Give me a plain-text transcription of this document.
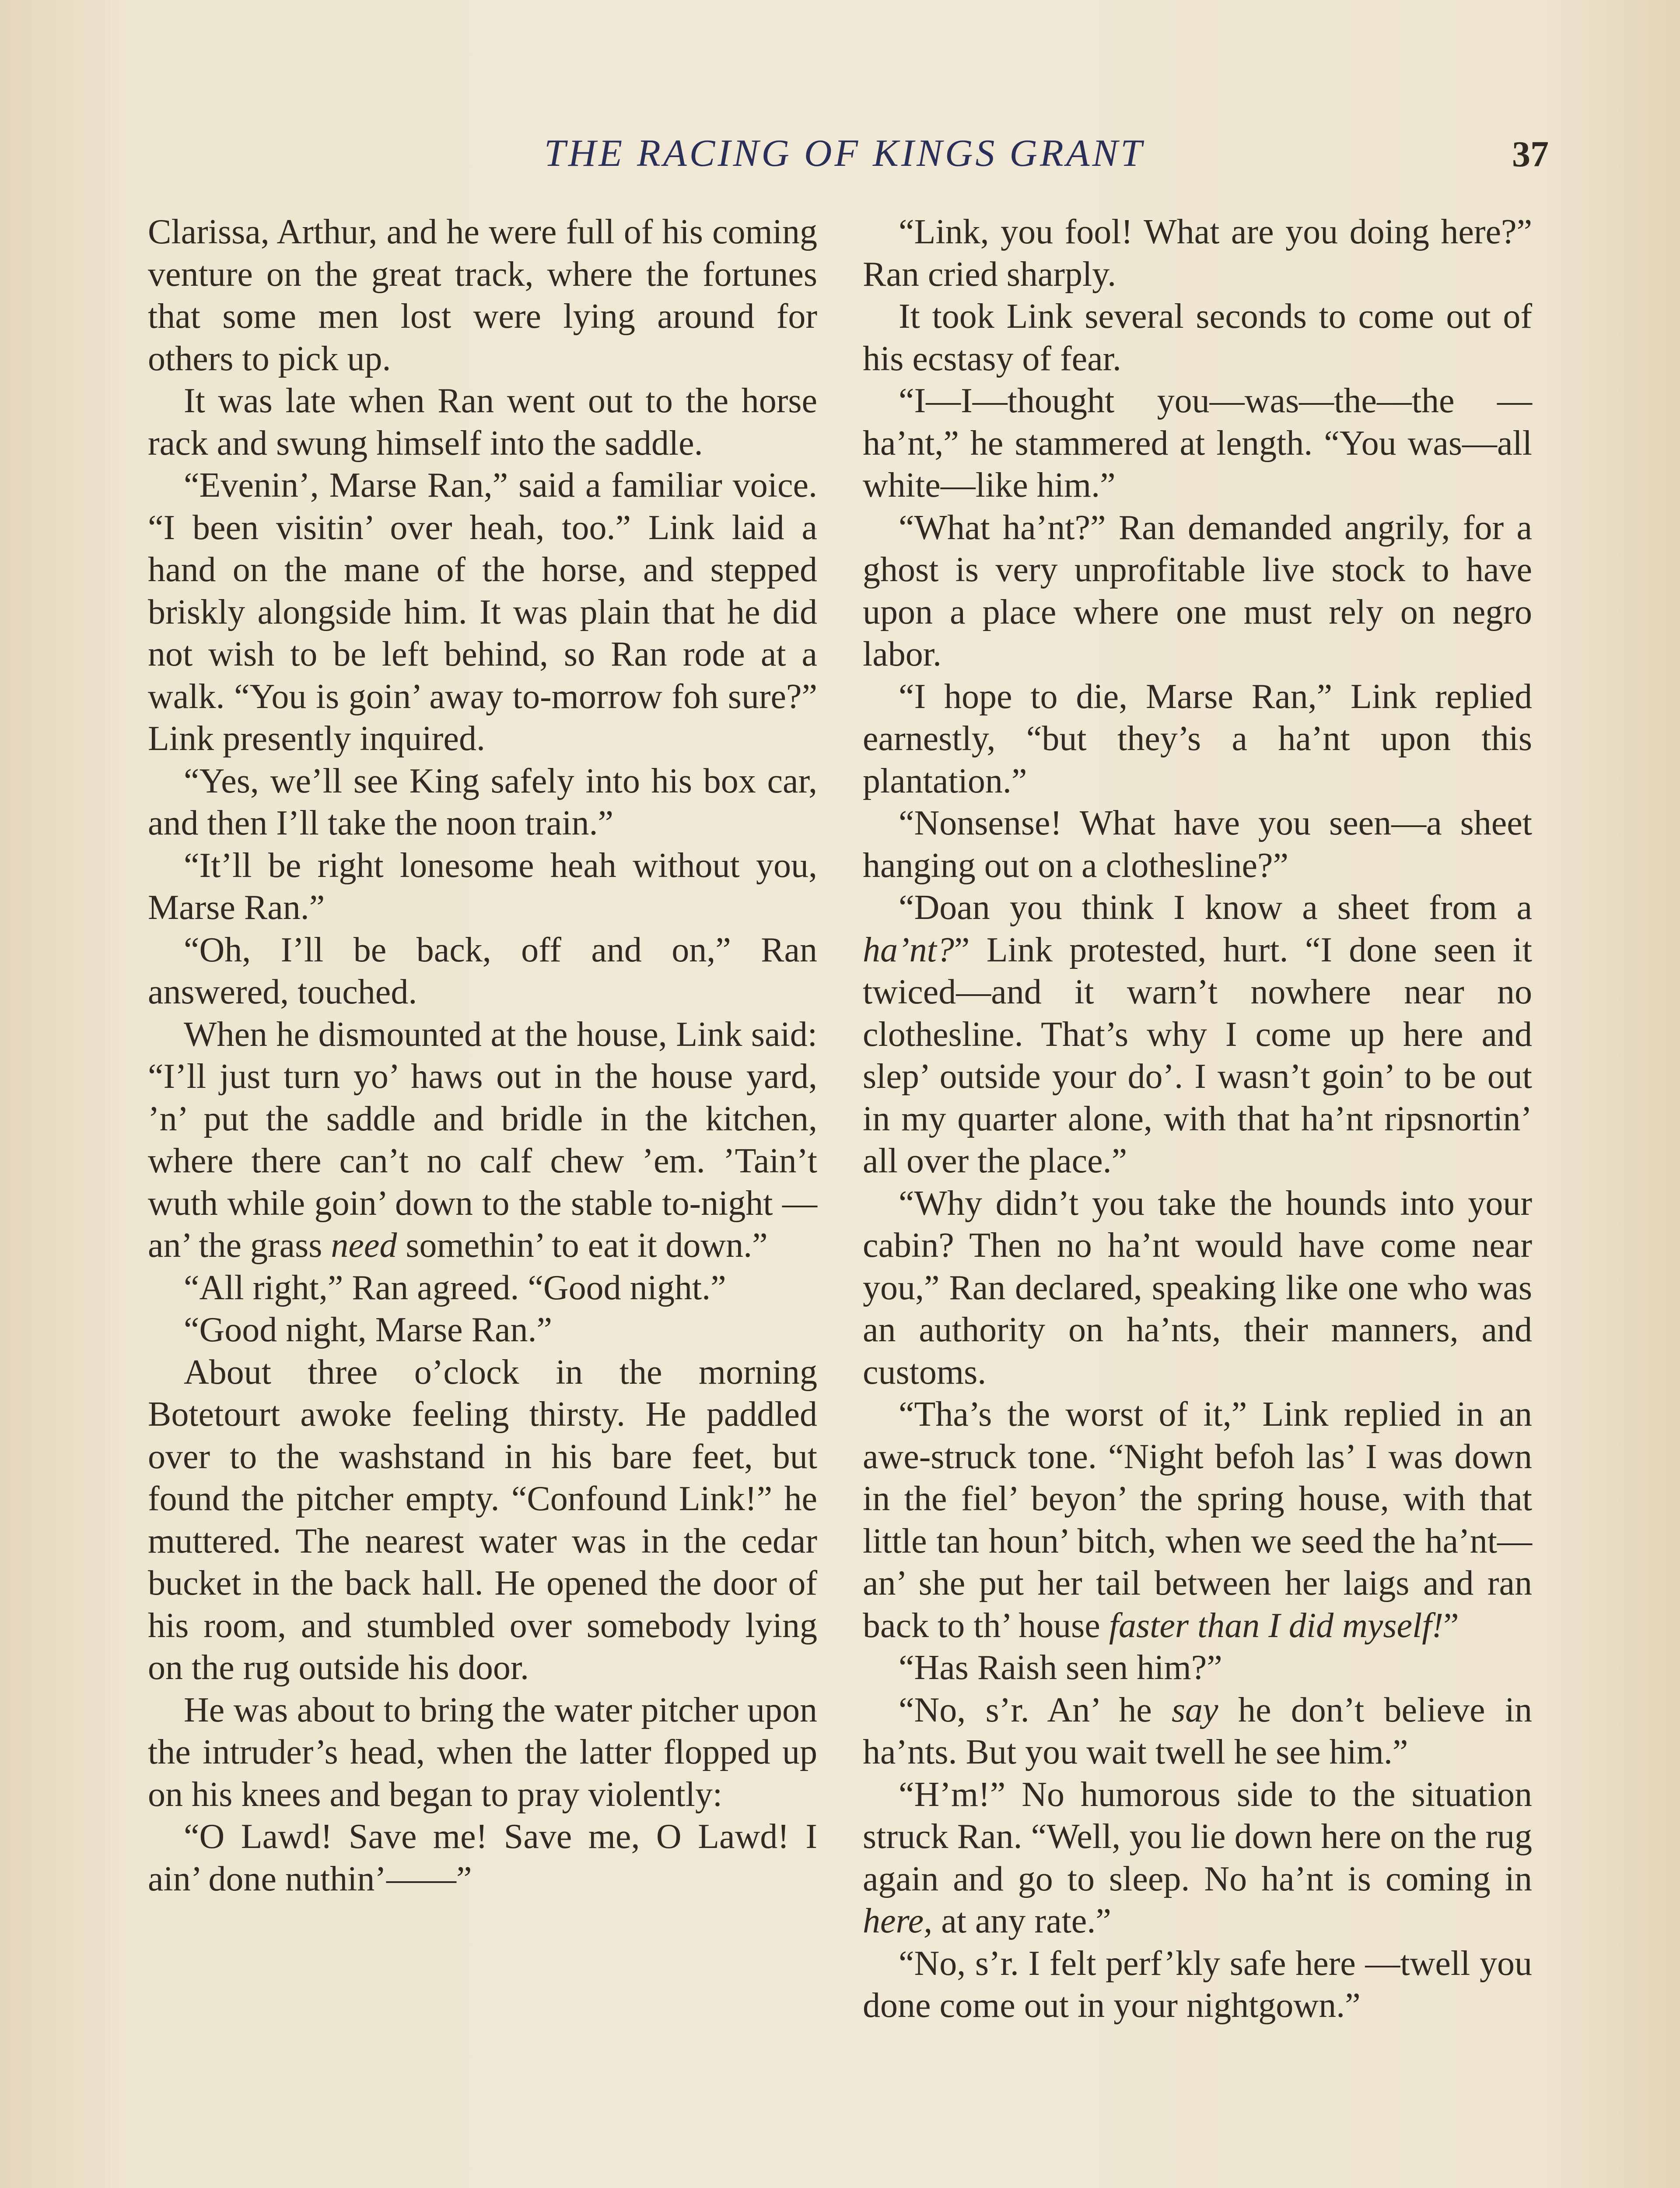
THE RACING OF KINGS GRANT	37

Clarissa, Arthur, and he were full of his coming venture on the great track, where the fortunes that some men lost were lying around for others to pick up.

It was late when Ran went out to the horse rack and swung himself into the saddle.

“Evenin’, Marse Ran,” said a familiar voice. “I been visitin’ over heah, too.” Link laid a hand on the mane of the horse, and stepped briskly alongside him. It was plain that he did not wish to be left behind, so Ran rode at a walk. “You is goin’ away to-morrow foh sure?” Link presently inquired.

“Yes, we’ll see King safely into his box car, and then I’ll take the noon train.”

“It’ll be right lonesome heah without you, Marse Ran.”

“Oh, I’ll be back, off and on,” Ran answered, touched.

When he dismounted at the house, Link said: “I’ll just turn yo’ haws out in the house yard, ’n’ put the saddle and bridle in the kitchen, where there can’t no calf chew ’em. ’Tain’t wuth while goin’ down to the stable to-night —an’ the grass need somethin’ to eat it down.”

“All right,” Ran agreed. “Good night.”

“Good night, Marse Ran.”

About three o’clock in the morning Botetourt awoke feeling thirsty. He paddled over to the washstand in his bare feet, but found the pitcher empty. “Confound Link!” he muttered. The nearest water was in the cedar bucket in the back hall. He opened the door of his room, and stumbled over somebody lying on the rug outside his door.

He was about to bring the water pitcher upon the intruder’s head, when the latter flopped up on his knees and began to pray violently:

“O Lawd! Save me! Save me, O Lawd! I ain’ done nuthin’——”

“Link, you fool! What are you doing here?” Ran cried sharply.

It took Link several seconds to come out of his ecstasy of fear.

“I—I—thought you—was—the—the —ha’nt,” he stammered at length. “You was—all white—like him.”

“What ha’nt?” Ran demanded angrily, for a ghost is very unprofitable live stock to have upon a place where one must rely on negro labor.

“I hope to die, Marse Ran,” Link replied earnestly, “but they’s a ha’nt upon this plantation.”

“Nonsense! What have you seen—a sheet hanging out on a clothesline?”

“Doan you think I know a sheet from a ha’nt?” Link protested, hurt. “I done seen it twiced—and it warn’t nowhere near no clothesline. That’s why I come up here and slep’ outside your do’. I wasn’t goin’ to be out in my quarter alone, with that ha’nt ripsnortin’ all over the place.”

“Why didn’t you take the hounds into your cabin? Then no ha’nt would have come near you,” Ran declared, speaking like one who was an authority on ha’nts, their manners, and customs.

“Tha’s the worst of it,” Link replied in an awe-struck tone. “Night befoh las’ I was down in the fiel’ beyon’ the spring house, with that little tan houn’ bitch, when we seed the ha’nt—an’ she put her tail between her laigs and ran back to th’ house faster than I did myself!”

“Has Raish seen him?”

“No, s’r. An’ he say he don’t believe in ha’nts. But you wait twell he see him.”

“H’m!” No humorous side to the situation struck Ran. “Well, you lie down here on the rug again and go to sleep. No ha’nt is coming in here, at any rate.”

“No, s’r. I felt perf’kly safe here —twell you done come out in your nightgown.”
